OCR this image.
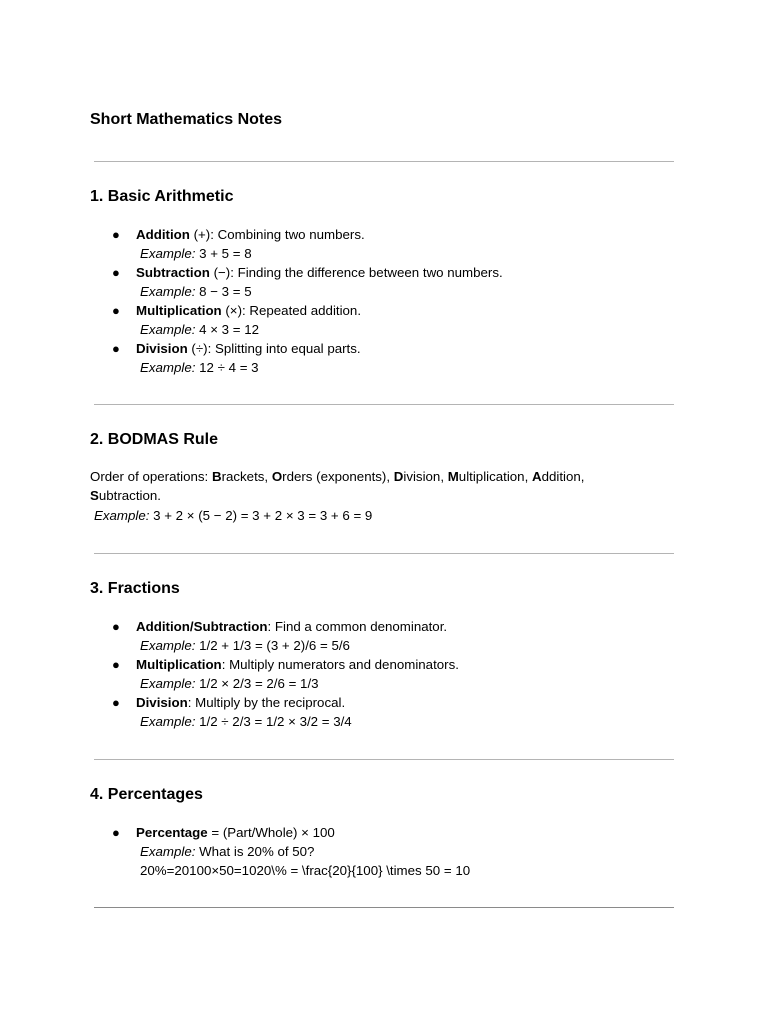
Short Mathematics Notes
1. Basic Arithmetic
● Addition (+): Combining two numbers.
Example: 3 + 5 = 8
● Subtraction (−): Finding the difference between two numbers.
Example: 8 − 3 = 5
● Multiplication (×): Repeated addition.
Example: 4 × 3 = 12
● Division (÷): Splitting into equal parts.
Example: 12 ÷ 4 = 3
2. BODMAS Rule
Order of operations: Brackets, Orders (exponents), Division, Multiplication, Addition,
Subtraction.
Example: 3 + 2 × (5 − 2) = 3 + 2 × 3 = 3 + 6 = 9
3. Fractions
● Addition/Subtraction: Find a common denominator.
Example: 1/2 + 1/3 = (3 + 2)/6 = 5/6
● Multiplication: Multiply numerators and denominators.
Example: 1/2 × 2/3 = 2/6 = 1/3
● Division: Multiply by the reciprocal.
Example: 1/2 ÷ 2/3 = 1/2 × 3/2 = 3/4
4. Percentages
● Percentage = (Part/Whole) × 100
Example: What is 20% of 50?
20%=20100×50=1020\% = \frac{20}{100} \times 50 = 10
